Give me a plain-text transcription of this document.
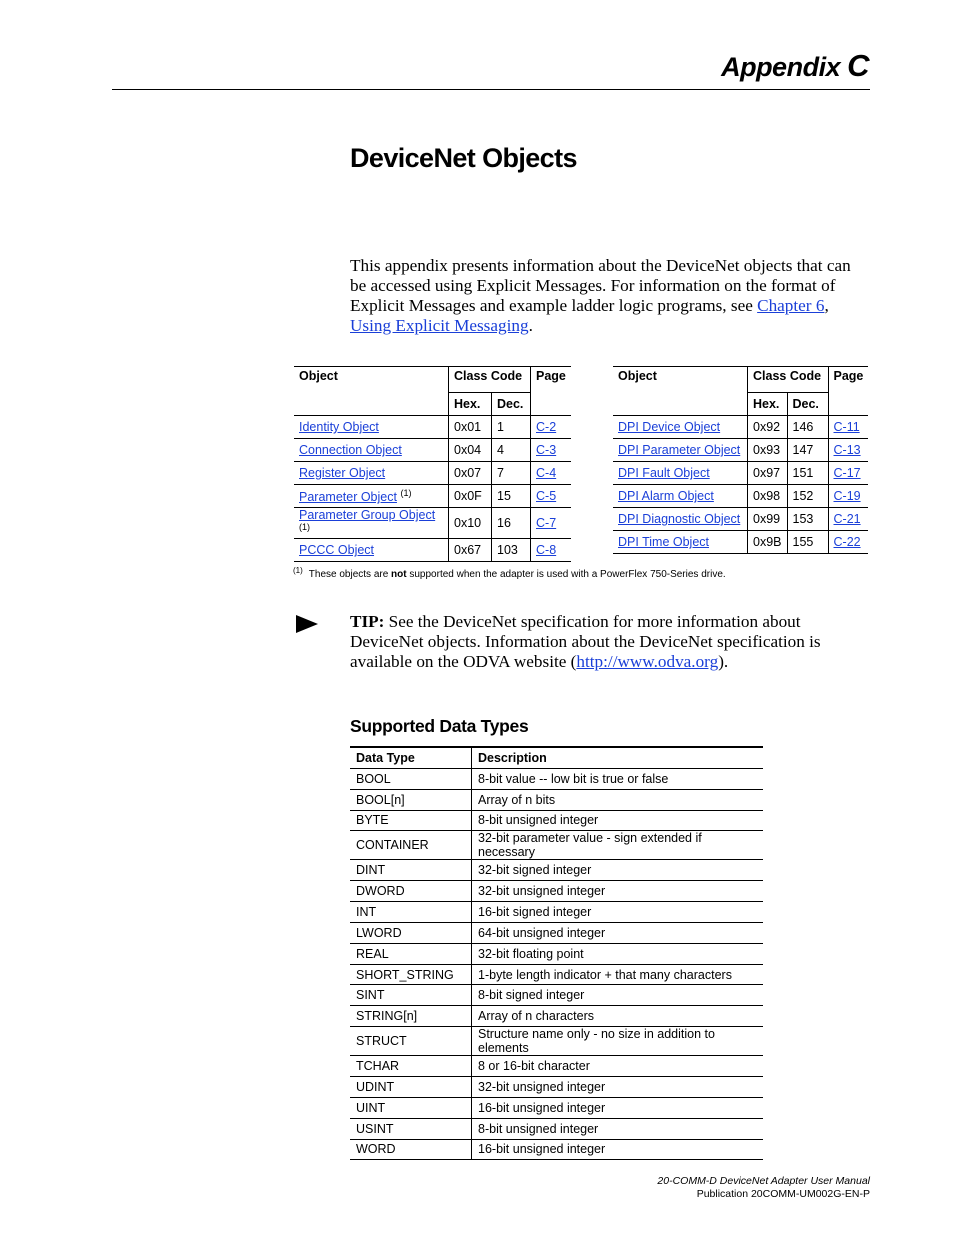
Appendix C
DeviceNet Objects
This appendix presents information about the DeviceNet objects that can be accessed using Explicit Messages. For information on the format of Explicit Messages and example ladder logic programs, see Chapter 6, Using Explicit Messaging.
Object	Class Code		Page
	Hex.	Dec.	
Identity Object	0x01	1	C-2
Connection Object	0x04	4	C-3
Register Object	0x07	7	C-4
Parameter Object $^{(1)}$	0x0F	15	C-5
Parameter Group Object $^{(1)}$	0x10	16	C-7
PCCC Object	0x67	103	C-8
Object	Class Code		Page
	Hex.	Dec.	
DPI Device Object	0x92	146	C-11
DPI Parameter Object	0x93	147	C-13
DPI Fault Object	0x97	151	C-17
DPI Alarm Object	0x98	152	C-19
DPI Diagnostic Object	0x99	153	C-21
DPI Time Object	0x9B	155	C-22
$^{(1)}$ These objects are not supported when the adapter is used with a PowerFlex 750-Series drive.
TIP: See the DeviceNet specification for more information about DeviceNet objects. Information about the DeviceNet specification is available on the ODVA website (http://www.odva.org).
Supported Data Types
Data Type	Description
BOOL	8-bit value -- low bit is true or false
BOOL[n]	Array of n bits
BYTE	8-bit unsigned integer
CONTAINER	32-bit parameter value - sign extended if necessary
DINT	32-bit signed integer
DWORD	32-bit unsigned integer
INT	16-bit signed integer
LWORD	64-bit unsigned integer
REAL	32-bit floating point
SHORT_STRING	1-byte length indicator + that many characters
SINT	8-bit signed integer
STRING[n]	Array of n characters
STRUCT	Structure name only - no size in addition to elements
TCHAR	8 or 16-bit character
UDINT	32-bit unsigned integer
UINT	16-bit unsigned integer
USINT	8-bit unsigned integer
WORD	16-bit unsigned integer
20-COMM-D DeviceNet Adapter User Manual
Publication 20COMM-UM002G-EN-P
